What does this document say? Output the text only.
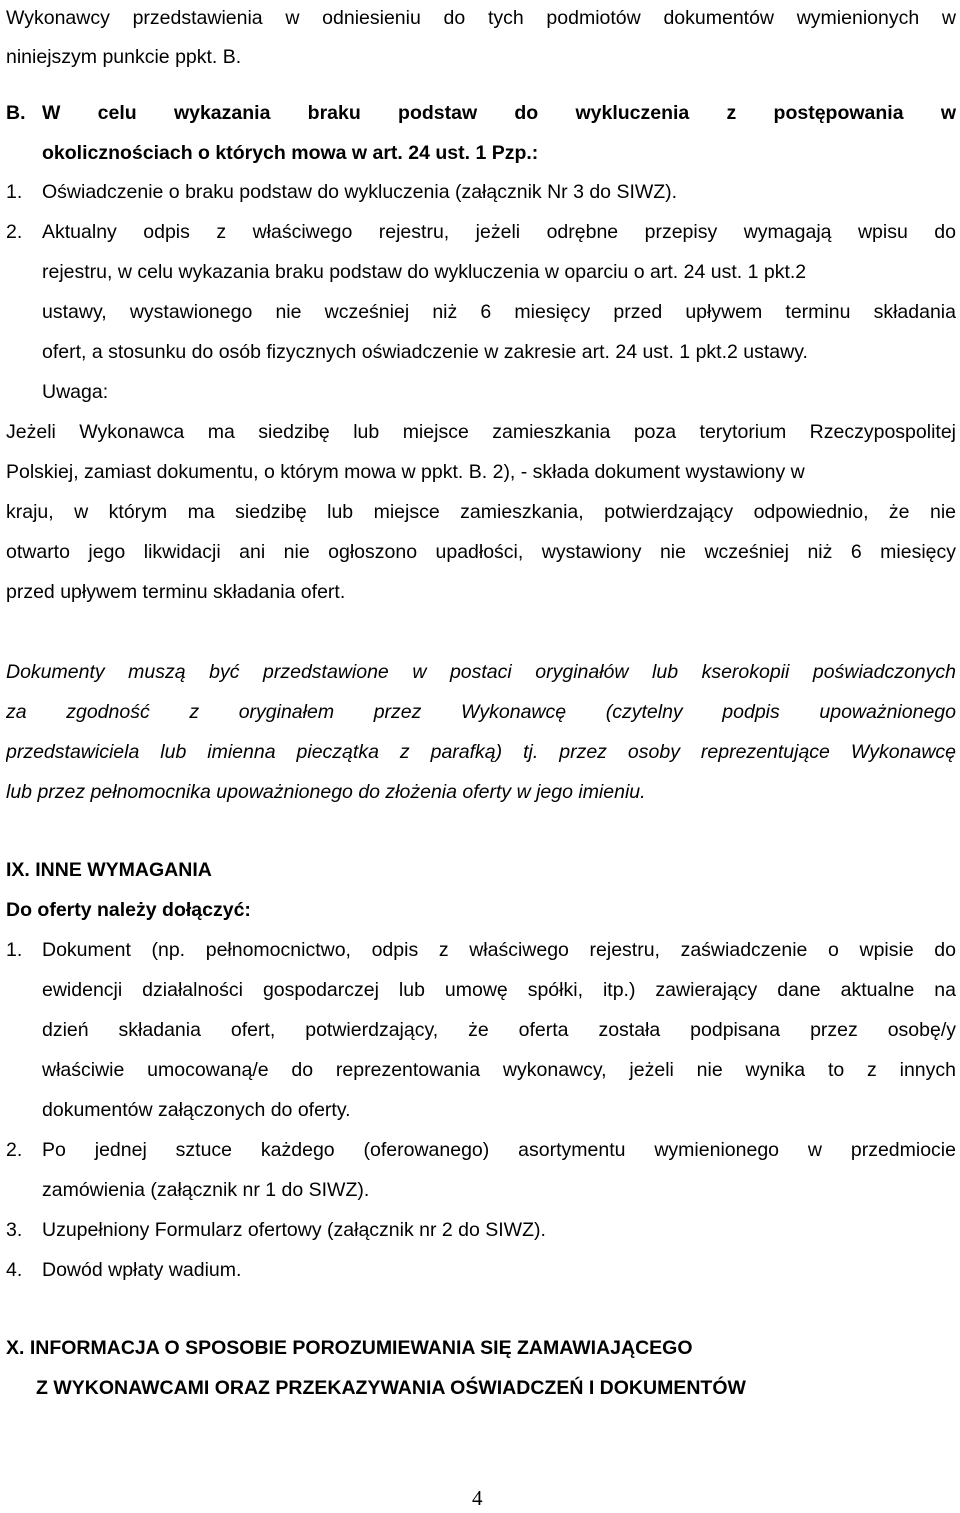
Wykonawcy przedstawienia w odniesieniu do tych podmiotów dokumentów wymienionych w
niniejszym punkcie ppkt. B.
B. W celu wykazania braku podstaw do wykluczenia z postępowania w
okolicznościach o których mowa w art. 24 ust. 1 Pzp.:
1. Oświadczenie o braku podstaw do wykluczenia (załącznik Nr 3 do SIWZ).
2. Aktualny odpis z właściwego rejestru, jeżeli odrębne przepisy wymagają wpisu do
rejestru, w celu wykazania braku podstaw do wykluczenia w oparciu o art. 24 ust. 1 pkt.2
ustawy, wystawionego nie wcześniej niż 6 miesięcy przed upływem terminu składania
ofert, a stosunku do osób fizycznych oświadczenie w zakresie art. 24 ust. 1 pkt.2 ustawy.
Uwaga:
Jeżeli Wykonawca ma siedzibę lub miejsce zamieszkania poza terytorium Rzeczypospolitej
Polskiej, zamiast dokumentu, o którym mowa w ppkt. B. 2), - składa dokument wystawiony w
kraju, w którym ma siedzibę lub miejsce zamieszkania, potwierdzający odpowiednio, że nie
otwarto jego likwidacji ani nie ogłoszono upadłości, wystawiony nie wcześniej niż 6 miesięcy
przed upływem terminu składania ofert.
Dokumenty muszą być przedstawione w postaci oryginałów lub kserokopii poświadczonych
za zgodność z oryginałem przez Wykonawcę (czytelny podpis upoważnionego
przedstawiciela lub imienna pieczątka z parafką) tj. przez osoby reprezentujące Wykonawcę
lub przez pełnomocnika upoważnionego do złożenia oferty w jego imieniu.
IX. INNE WYMAGANIA
Do oferty należy dołączyć:
1. Dokument (np. pełnomocnictwo, odpis z właściwego rejestru, zaświadczenie o wpisie do
ewidencji działalności gospodarczej lub umowę spółki, itp.) zawierający dane aktualne na
dzień składania ofert, potwierdzający, że oferta została podpisana przez osobę/y
właściwie umocowaną/e do reprezentowania wykonawcy, jeżeli nie wynika to z innych
dokumentów załączonych do oferty.
2. Po jednej sztuce każdego (oferowanego) asortymentu wymienionego w przedmiocie
zamówienia (załącznik nr 1 do SIWZ).
3. Uzupełniony Formularz ofertowy (załącznik nr 2 do SIWZ).
4. Dowód wpłaty wadium.
X. INFORMACJA O SPOSOBIE POROZUMIEWANIA SIĘ ZAMAWIAJĄCEGO
Z WYKONAWCAMI ORAZ PRZEKAZYWANIA OŚWIADCZEŃ I DOKUMENTÓW
4
